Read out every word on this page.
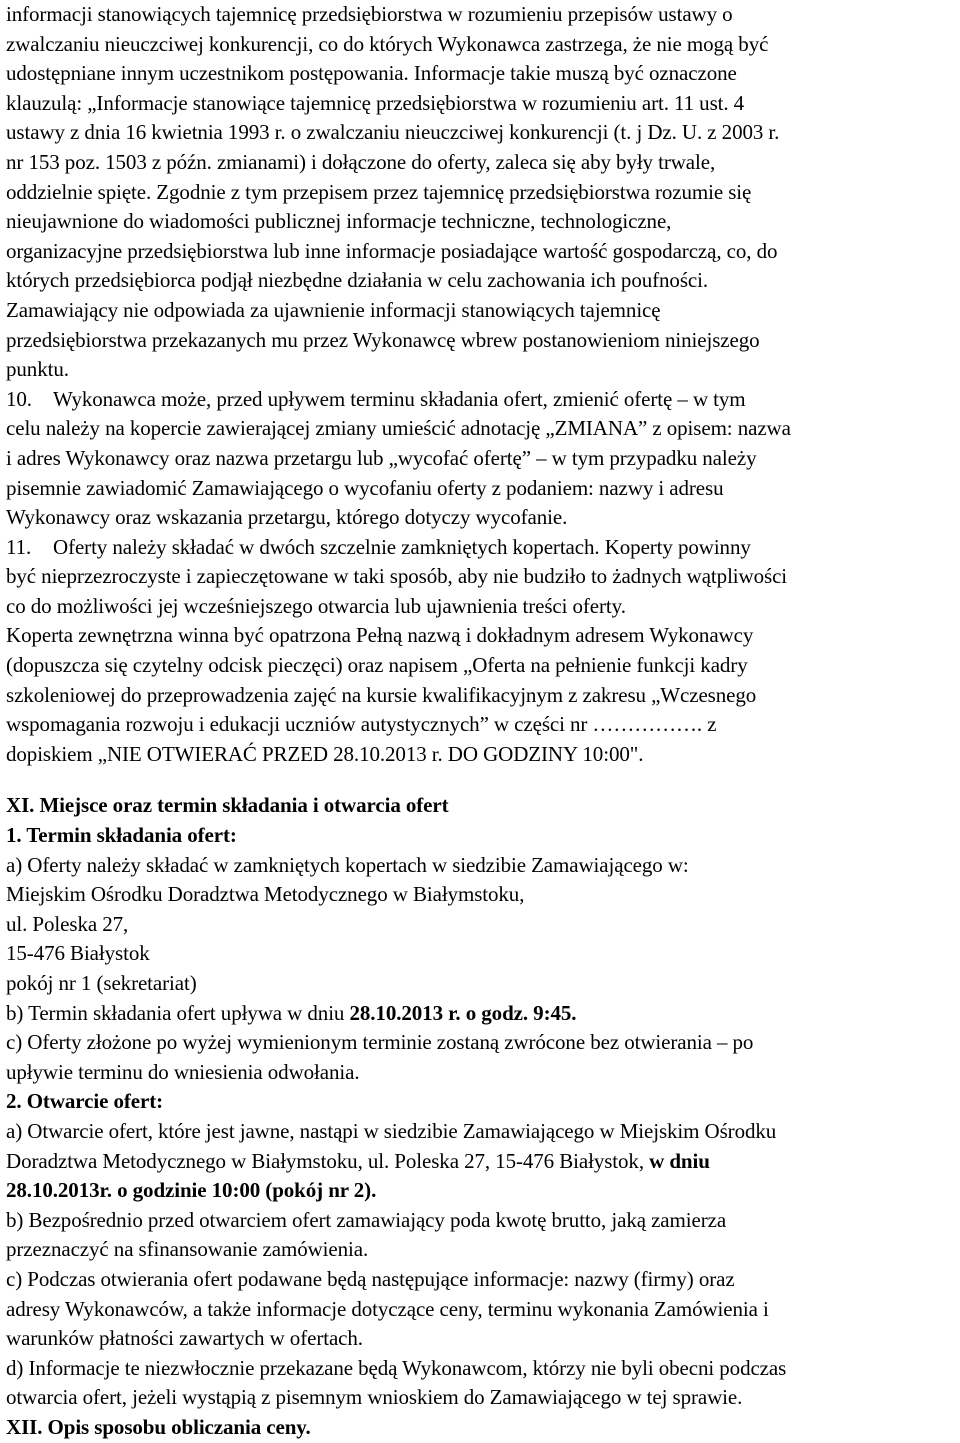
informacji stanowiących tajemnicę przedsiębiorstwa w rozumieniu przepisów ustawy o
zwalczaniu nieuczciwej konkurencji, co do których Wykonawca zastrzega, że nie mogą być
udostępniane innym uczestnikom postępowania. Informacje takie muszą być oznaczone
klauzulą: „Informacje stanowiące tajemnicę przedsiębiorstwa w rozumieniu art. 11 ust. 4
ustawy z dnia 16 kwietnia 1993 r. o zwalczaniu nieuczciwej konkurencji (t. j Dz. U. z 2003 r.
nr 153 poz. 1503 z późn. zmianami) i dołączone do oferty, zaleca się aby były trwale,
oddzielnie spięte. Zgodnie z tym przepisem przez tajemnicę przedsiębiorstwa rozumie się
nieujawnione do wiadomości publicznej informacje techniczne, technologiczne,
organizacyjne przedsiębiorstwa lub inne informacje posiadające wartość gospodarczą, co, do
których przedsiębiorca podjął niezbędne działania w celu zachowania ich poufności.
Zamawiający nie odpowiada za ujawnienie informacji stanowiących tajemnicę
przedsiębiorstwa przekazanych mu przez Wykonawcę wbrew postanowieniom niniejszego
punktu.
10. Wykonawca może, przed upływem terminu składania ofert, zmienić ofertę – w tym
celu należy na kopercie zawierającej zmiany umieścić adnotację „ZMIANA” z opisem: nazwa
i adres Wykonawcy oraz nazwa przetargu lub „wycofać ofertę” – w tym przypadku należy
pisemnie zawiadomić Zamawiającego o wycofaniu oferty z podaniem: nazwy i adresu
Wykonawcy oraz wskazania przetargu, którego dotyczy wycofanie.
11. Oferty należy składać w dwóch szczelnie zamkniętych kopertach. Koperty powinny
być nieprzezroczyste i zapieczętowane w taki sposób, aby nie budziło to żadnych wątpliwości
co do możliwości jej wcześniejszego otwarcia lub ujawnienia treści oferty.
Koperta zewnętrzna winna być opatrzona Pełną nazwą i dokładnym adresem Wykonawcy
(dopuszcza się czytelny odcisk pieczęci) oraz napisem „Oferta na pełnienie funkcji kadry
szkoleniowej do przeprowadzenia zajęć na kursie kwalifikacyjnym z zakresu „Wczesnego
wspomagania rozwoju i edukacji uczniów autystycznych” w części nr ……………. z
dopiskiem „NIE OTWIERAĆ PRZED 28.10.2013 r. DO GODZINY 10:00".
XI. Miejsce oraz termin składania i otwarcia ofert
1. Termin składania ofert:
a) Oferty należy składać w zamkniętych kopertach w siedzibie Zamawiającego w:
Miejskim Ośrodku Doradztwa Metodycznego w Białymstoku,
ul. Poleska 27,
15-476 Białystok
pokój nr 1 (sekretariat)
b) Termin składania ofert upływa w dniu 28.10.2013 r. o godz. 9:45.
c) Oferty złożone po wyżej wymienionym terminie zostaną zwrócone bez otwierania – po
upływie terminu do wniesienia odwołania.
2. Otwarcie ofert:
a) Otwarcie ofert, które jest jawne, nastąpi w siedzibie Zamawiającego w Miejskim Ośrodku
Doradztwa Metodycznego w Białymstoku, ul. Poleska 27, 15-476 Białystok, w dniu
28.10.2013r. o godzinie 10:00 (pokój nr 2).
b) Bezpośrednio przed otwarciem ofert zamawiający poda kwotę brutto, jaką zamierza
przeznaczyć na sfinansowanie zamówienia.
c) Podczas otwierania ofert podawane będą następujące informacje: nazwy (firmy) oraz
adresy Wykonawców, a także informacje dotyczące ceny, terminu wykonania Zamówienia i
warunków płatności zawartych w ofertach.
d) Informacje te niezwłocznie przekazane będą Wykonawcom, którzy nie byli obecni podczas
otwarcia ofert, jeżeli wystąpią z pisemnym wnioskiem do Zamawiającego w tej sprawie.
XII. Opis sposobu obliczania ceny.
